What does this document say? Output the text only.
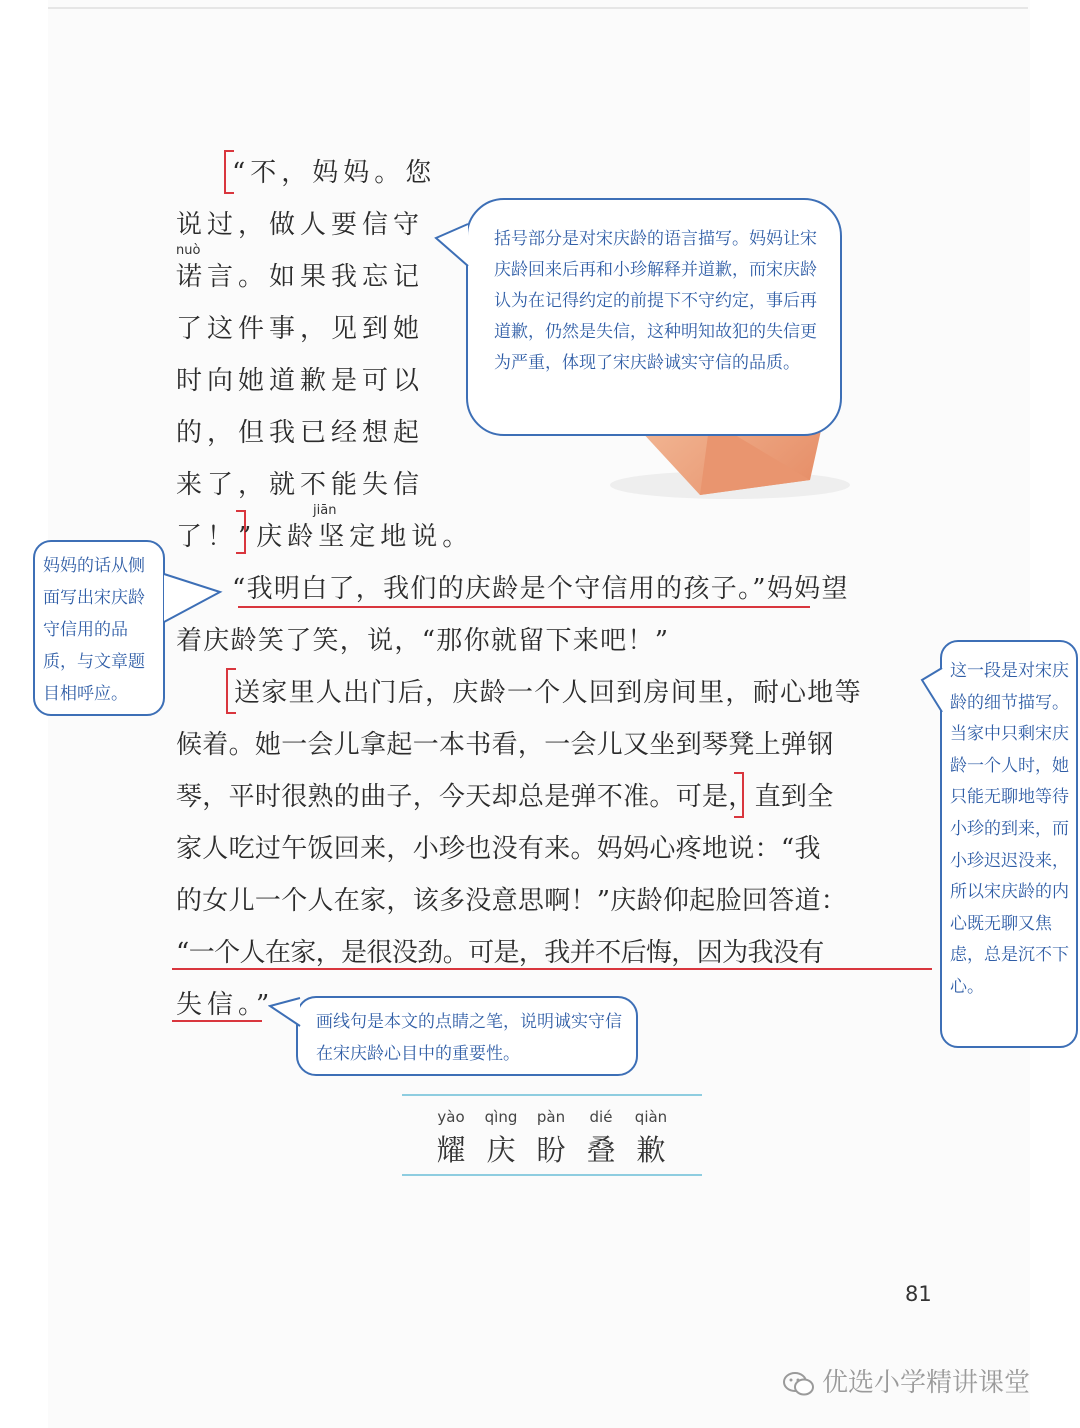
“不，妈妈。您
说过，做人要信守
nuò
诺言。如果我忘记
了这件事，见到她
时向她道歉是可以
的，但我已经想起
来了，就不能失信
jiān
了！”庆龄坚定地说。
“我明白了，我们的庆龄是个守信用的孩子。”妈妈望
着庆龄笑了笑，说，“那你就留下来吧！”
送家里人出门后，庆龄一个人回到房间里，耐心地等
候着。她一会儿拿起一本书看，一会儿又坐到琴凳上弹钢
琴，平时很熟的曲子，今天却总是弹不准。可是，直到全
家人吃过午饭回来，小珍也没有来。妈妈心疼地说：“我
的女儿一个人在家，该多没意思啊！”庆龄仰起脸回答道：
“一个人在家，是很没劲。可是，我并不后悔，因为我没有
失信。”
括号部分是对宋庆龄的语言描写。妈妈让宋庆龄回来后再和小珍解释并道歉，而宋庆龄认为在记得约定的前提下不守约定，事后再道歉，仍然是失信，这种明知故犯的失信更为严重，体现了宋庆龄诚实守信的品质。
妈妈的话从侧面写出宋庆龄守信用的品质，与文章题目相呼应。
这一段是对宋庆龄的细节描写。当家中只剩宋庆龄一个人时，她只能无聊地等待小珍的到来，而小珍迟迟没来，所以宋庆龄的内心既无聊又焦虑，总是沉不下心。
画线句是本文的点睛之笔，说明诚实守信在宋庆龄心目中的重要性。
yào
耀
qìng
庆
pàn
盼
dié
叠
qiàn
歉
81
优选小学精讲课堂
